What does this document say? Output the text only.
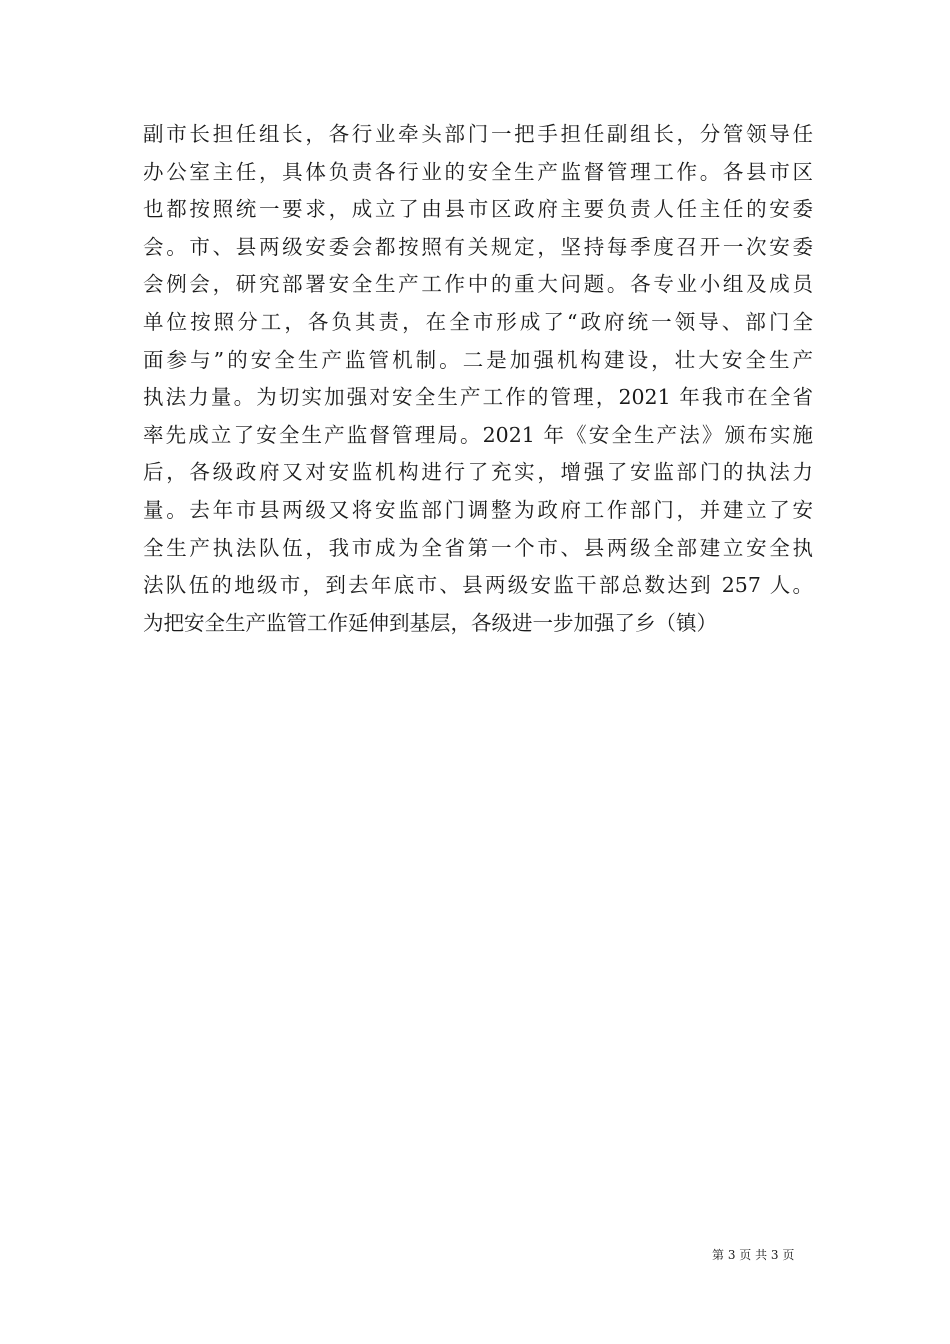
副市长担任组长，各行业牵头部门一把手担任副组长，分管领导任
办公室主任，具体负责各行业的安全生产监督管理工作。各县市区
也都按照统一要求，成立了由县市区政府主要负责人任主任的安委
会。市、县两级安委会都按照有关规定，坚持每季度召开一次安委
会例会，研究部署安全生产工作中的重大问题。各专业小组及成员
单位按照分工，各负其责，在全市形成了“政府统一领导、部门全
面参与”的安全生产监管机制。二是加强机构建设，壮大安全生产
执法力量。为切实加强对安全生产工作的管理，2021 年我市在全省
率先成立了安全生产监督管理局。2021 年《安全生产法》颁布实施
后，各级政府又对安监机构进行了充实，增强了安监部门的执法力
量。去年市县两级又将安监部门调整为政府工作部门，并建立了安
全生产执法队伍，我市成为全省第一个市、县两级全部建立安全执
法队伍的地级市，到去年底市、县两级安监干部总数达到 257 人。
为把安全生产监管工作延伸到基层，各级进一步加强了乡（镇）
第 3 页 共 3 页
